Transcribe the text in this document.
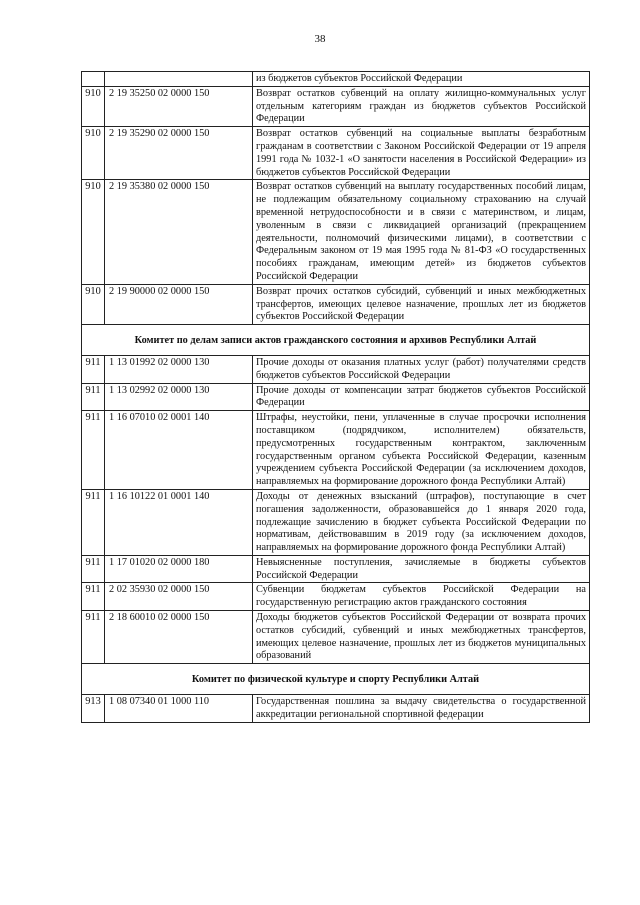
38
		из бюджетов субъектов Российской Федерации
910	2 19 35250 02 0000 150	Возврат остатков субвенций на оплату жилищно-коммунальных услуг отдельным категориям граждан из бюджетов субъектов Российской Федерации
910	2 19 35290 02 0000 150	Возврат остатков субвенций на социальные выплаты безработным гражданам в соответствии с Законом Российской Федерации от 19 апреля 1991 года № 1032-1 «О занятости населения в Российской Федерации» из бюджетов субъектов Российской Федерации
910	2 19 35380 02 0000 150	Возврат остатков субвенций на выплату государственных пособий лицам, не подлежащим обязательному социальному страхованию на случай временной нетрудоспособности и в связи с материнством, и лицам, уволенным в связи с ликвидацией организаций (прекращением деятельности, полномочий физическими лицами), в соответствии с Федеральным законом от 19 мая 1995 года № 81-ФЗ «О государственных пособиях гражданам, имеющим детей» из бюджетов субъектов Российской Федерации
910	2 19 90000 02 0000 150	Возврат прочих остатков субсидий, субвенций и иных межбюджетных трансфертов, имеющих целевое назначение, прошлых лет из бюджетов субъектов Российской Федерации
Комитет по делам записи актов гражданского состояния и архивов Республики Алтай		
911	1 13 01992 02 0000 130	Прочие доходы от оказания платных услуг (работ) получателями средств бюджетов субъектов Российской Федерации
911	1 13 02992 02 0000 130	Прочие доходы от компенсации затрат бюджетов субъектов Российской Федерации
911	1 16 07010 02 0001 140	Штрафы, неустойки, пени, уплаченные в случае просрочки исполнения поставщиком (подрядчиком, исполнителем) обязательств, предусмотренных государственным контрактом, заключенным государственным органом субъекта Российской Федерации, казенным учреждением субъекта Российской Федерации (за исключением доходов, направляемых на формирование дорожного фонда Республики Алтай)
911	1 16 10122 01 0001 140	Доходы от денежных взысканий (штрафов), поступающие в счет погашения задолженности, образовавшейся до 1 января 2020 года, подлежащие зачислению в бюджет субъекта Российской Федерации по нормативам, действовавшим в 2019 году (за исключением доходов, направляемых на формирование дорожного фонда Республики Алтай)
911	1 17 01020 02 0000 180	Невыясненные поступления, зачисляемые в бюджеты субъектов Российской Федерации
911	2 02 35930 02 0000 150	Субвенции бюджетам субъектов Российской Федерации на государственную регистрацию актов гражданского состояния
911	2 18 60010 02 0000 150	Доходы бюджетов субъектов Российской Федерации от возврата прочих остатков субсидий, субвенций и иных межбюджетных трансфертов, имеющих целевое назначение, прошлых лет из бюджетов муниципальных образований
Комитет по физической культуре и спорту Республики Алтай		
913	1 08 07340 01 1000 110	Государственная пошлина за выдачу свидетельства о государственной аккредитации региональной спортивной федерации
